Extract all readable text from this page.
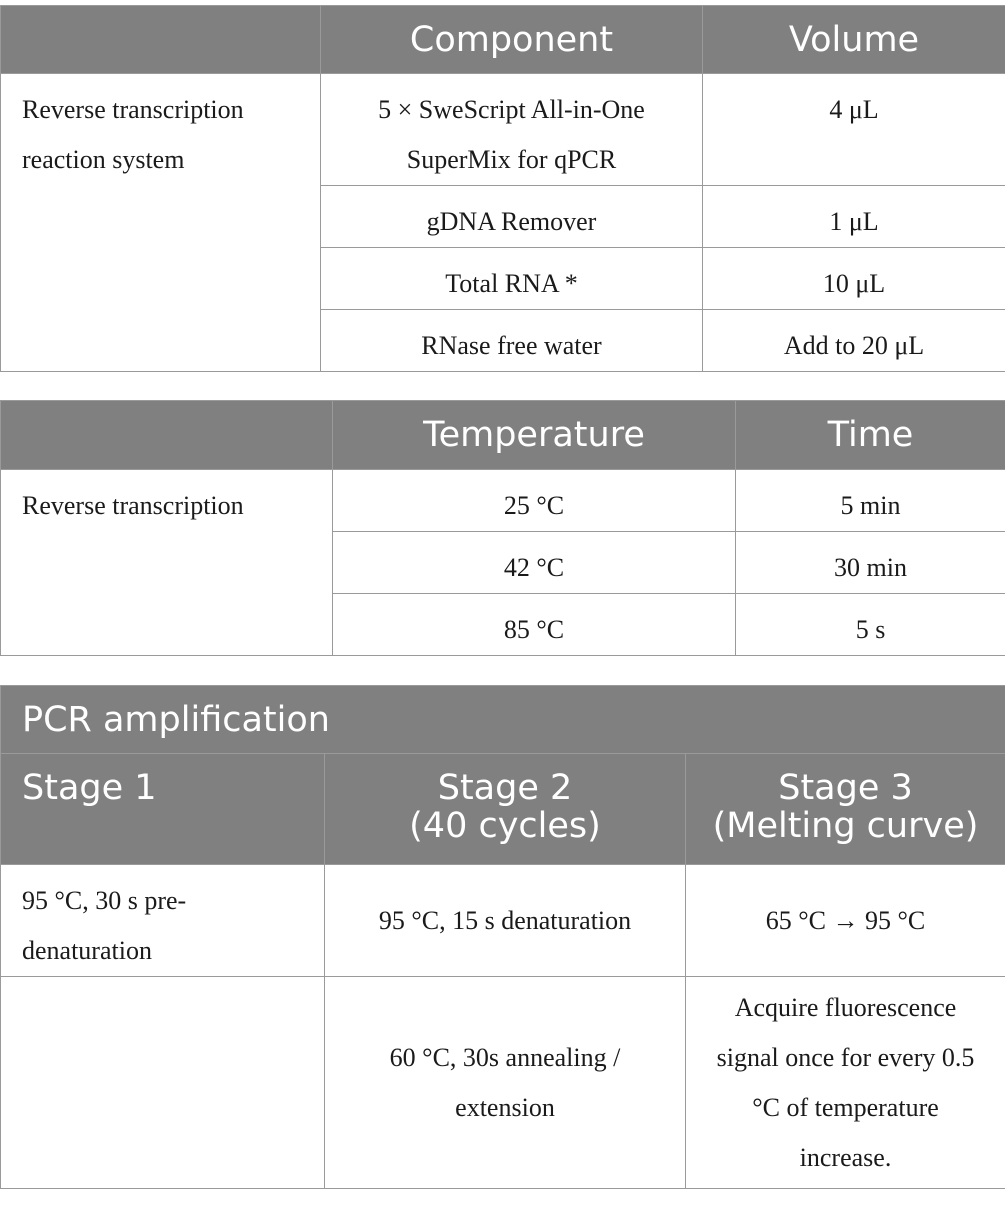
	Component	Volume
Reverse transcription reaction system	5 × SweScript All-in-One SuperMix for qPCR	4 μL
	gDNA Remover	1 μL
	Total RNA *	10 μL
	RNase free water	Add to 20 μL
	Temperature	Time
Reverse transcription	25 °C	5 min
	42 °C	30 min
	85 °C	5 s
PCR amplification		
Stage 1	Stage 2 (40 cycles)	Stage 3 (Melting curve)
95 °C, 30 s pre-denaturation	95 °C, 15 s denaturation	65 °C → 95 °C
	60 °C, 30s annealing / extension	Acquire fluorescence signal once for every 0.5 °C of temperature increase.
